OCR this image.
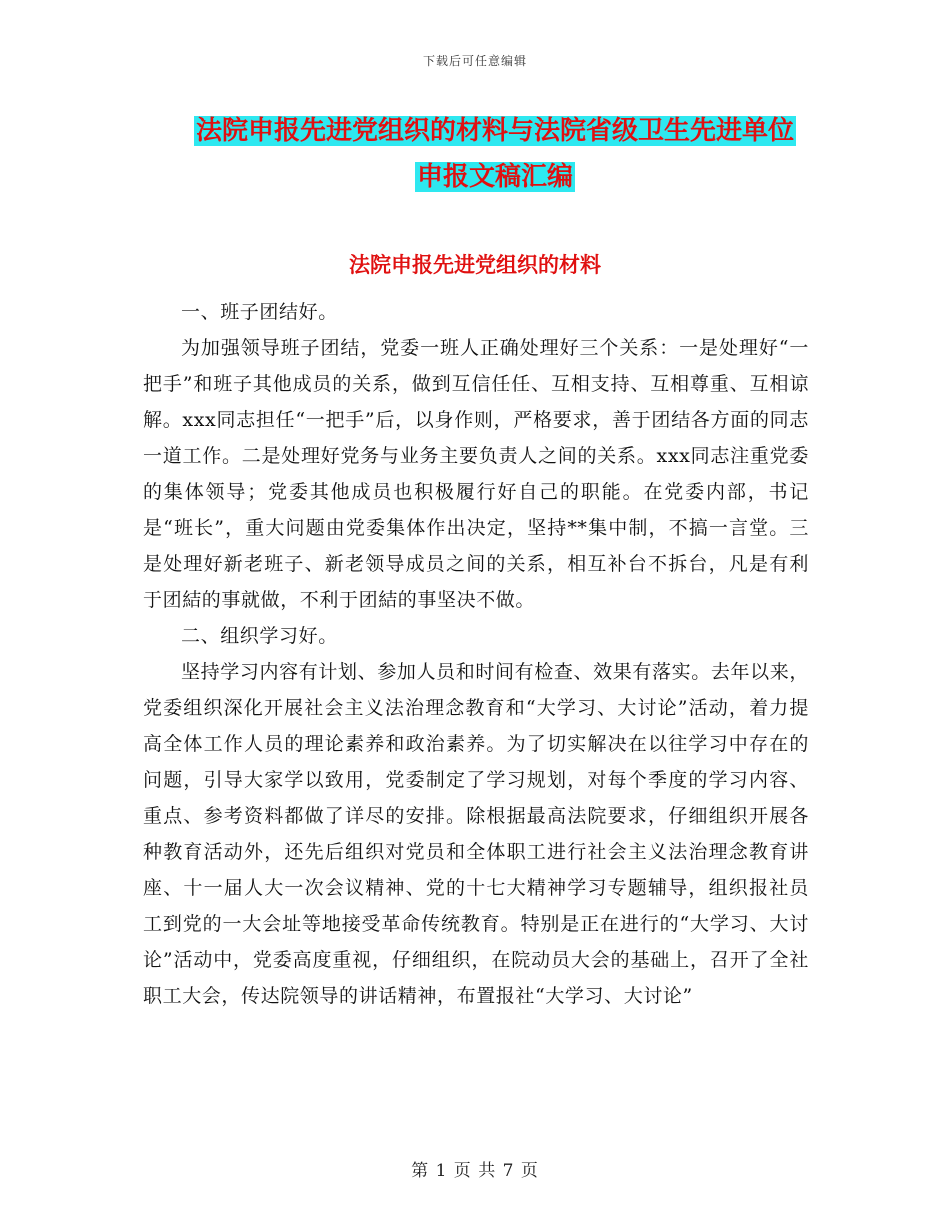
下载后可任意编辑
法院申报先进党组织的材料与法院省级卫生先进单位
申报文稿汇编
法院申报先进党组织的材料

一、班子团结好。

为加强领导班子团结，党委一班人正确处理好三个关系：一是处理好“一把手”和班子其他成员的关系，做到互信任任、互相支持、互相尊重、互相谅解。xxx同志担任“一把手”后，以身作则，严格要求，善于团结各方面的同志一道工作。二是处理好党务与业务主要负责人之间的关系。xxx同志注重党委的集体领导；党委其他成员也积极履行好自己的职能。在党委内部，书记是“班长”，重大问题由党委集体作出决定，坚持**集中制，不搞一言堂。三是处理好新老班子、新老领导成员之间的关系，相互补台不拆台，凡是有利于团結的事就做，不利于团結的事坚决不做。

二、组织学习好。

坚持学习内容有计划、参加人员和时间有检查、效果有落实。去年以来，党委组织深化开展社会主义法治理念教育和“大学习、大讨论”活动，着力提高全体工作人员的理论素养和政治素养。为了切实解决在以往学习中存在的问题，引导大家学以致用，党委制定了学习规划，对每个季度的学习内容、重点、参考资料都做了详尽的安排。除根据最高法院要求，仔细组织开展各种教育活动外，还先后组织对党员和全体职工进行社会主义法治理念教育讲座、十一届人大一次会议精神、党的十七大精神学习专题辅导，组织报社员工到党的一大会址等地接受革命传统教育。特别是正在进行的“大学习、大讨论”活动中，党委高度重视，仔细组织，在院动员大会的基础上，召开了全社职工大会，传达院领导的讲话精神，布置报社“大学习、大讨论”

第 1 页 共 7 页
